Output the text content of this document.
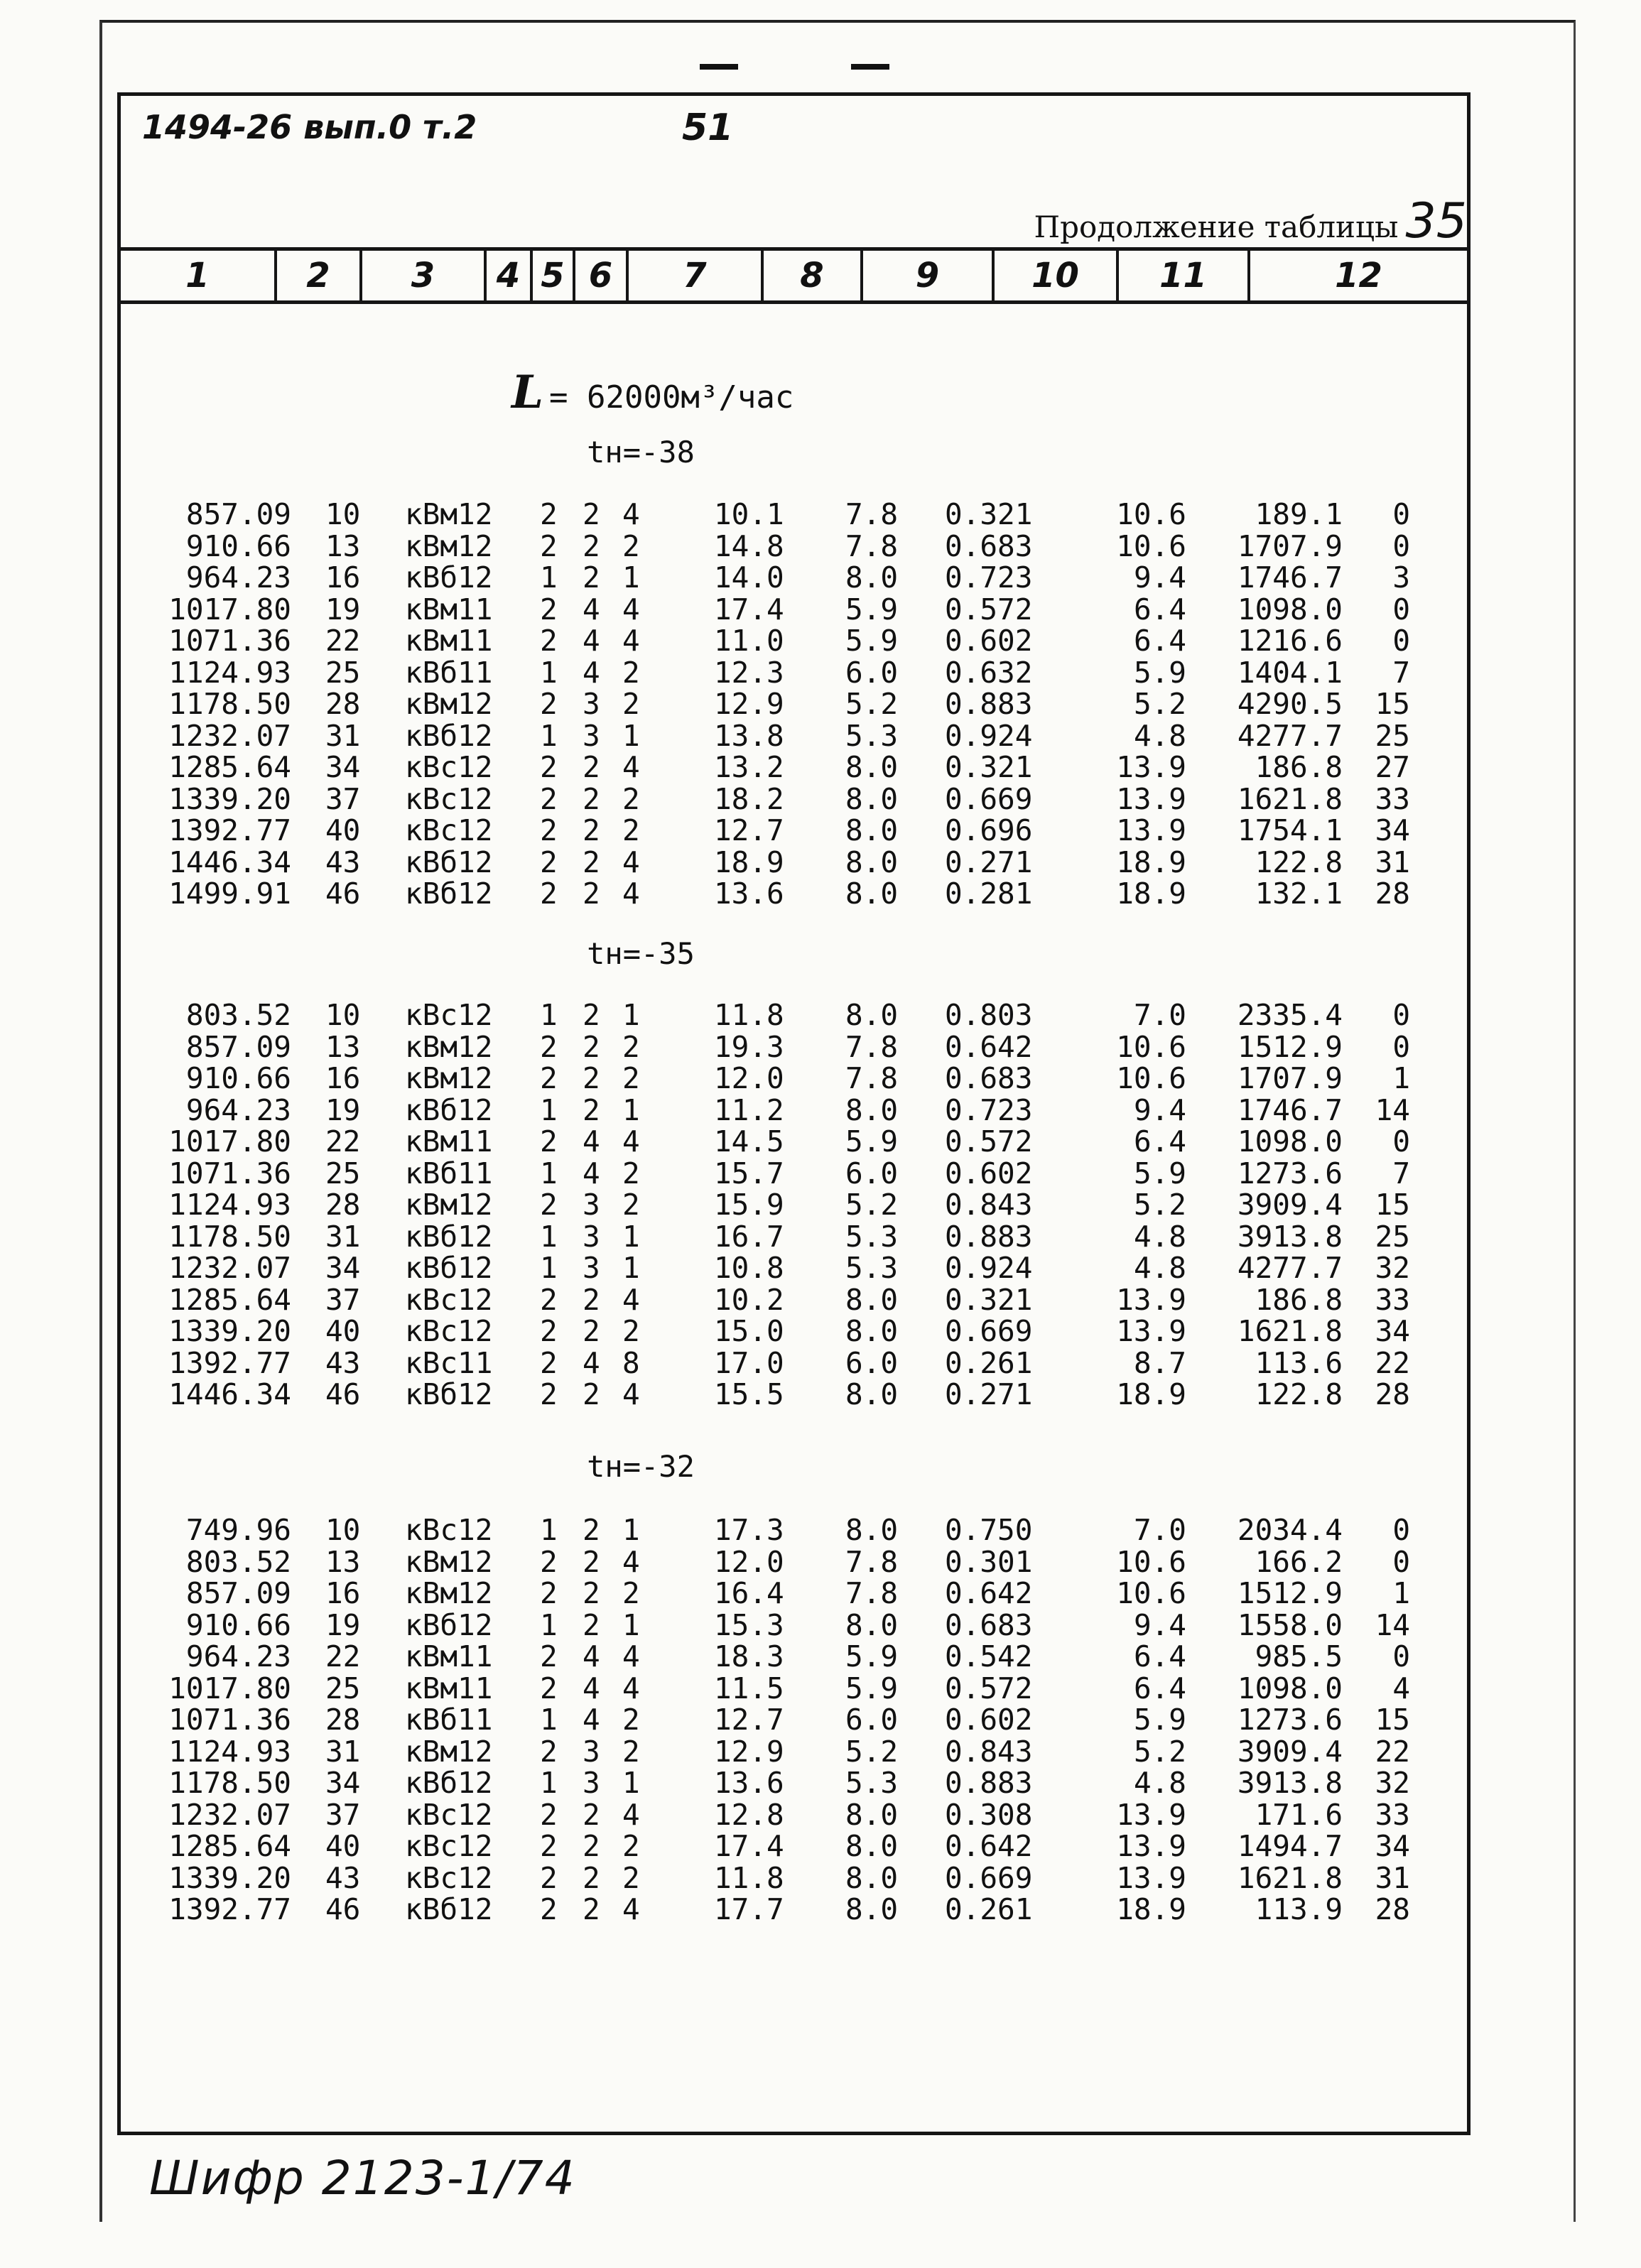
1494-26 вып.0 т.2	51
Продолжение таблицы 35
1	2	3	4 5 6	7	8	9	10	11	12
L = 62000м³/час
tн=-38
857.09 10 кВм12 2 2 4	10.1 7.8 0.321	10.6	189.1	0
910.66 13 кВм12 2 2 2	14.8 7.8 0.683	10.6	1707.9	0
964.23 16 кВб12 1 2 1	14.0 8.0 0.723	9.4	1746.7	3
1017.80 19 кВм11 2 4 4	17.4 5.9 0.572	6.4	1098.0	0
1071.36 22 кВм11 2 4 4	11.0 5.9 0.602	6.4	1216.6	0
1124.93 25 кВб11 1 4 2	12.3 6.0 0.632	5.9	1404.1	7
1178.50 28 кВм12 2 3 2	12.9 5.2 0.883	5.2	4290.5	15
1232.07 31 кВб12 1 3 1	13.8 5.3 0.924	4.8	4277.7	25
1285.64 34 кВс12 2 2 4	13.2 8.0 0.321	13.9	186.8	27
1339.20 37 кВс12 2 2 2	18.2 8.0 0.669	13.9	1621.8	33
1392.77 40 кВс12 2 2 2	12.7 8.0 0.696	13.9	1754.1	34
1446.34 43 кВб12 2 2 4	18.9 8.0 0.271	18.9	122.8	31
1499.91 46 кВб12 2 2 4	13.6 8.0 0.281	18.9	132.1	28
tн=-35
803.52 10 кВс12 1 2 1	11.8 8.0 0.803	7.0	2335.4	0
857.09 13 кВм12 2 2 2	19.3 7.8 0.642	10.6	1512.9	0
910.66 16 кВм12 2 2 2	12.0 7.8 0.683	10.6	1707.9	1
964.23 19 кВб12 1 2 1	11.2 8.0 0.723	9.4	1746.7	14
1017.80 22 кВм11 2 4 4	14.5 5.9 0.572	6.4	1098.0	0
1071.36 25 кВб11 1 4 2	15.7 6.0 0.602	5.9	1273.6	7
1124.93 28 кВм12 2 3 2	15.9 5.2 0.843	5.2	3909.4	15
1178.50 31 кВб12 1 3 1	16.7 5.3 0.883	4.8	3913.8	25
1232.07 34 кВб12 1 3 1	10.8 5.3 0.924	4.8	4277.7	32
1285.64 37 кВс12 2 2 4	10.2 8.0 0.321	13.9	186.8	33
1339.20 40 кВс12 2 2 2	15.0 8.0 0.669	13.9	1621.8	34
1392.77 43 кВс11 2 4 8	17.0 6.0 0.261	8.7	113.6	22
1446.34 46 кВб12 2 2 4	15.5 8.0 0.271	18.9	122.8	28
tн=-32
749.96 10 кВс12 1 2 1	17.3 8.0 0.750	7.0	2034.4	0
803.52 13 кВм12 2 2 4	12.0 7.8 0.301	10.6	166.2	0
857.09 16 кВм12 2 2 2	16.4 7.8 0.642	10.6	1512.9	1
910.66 19 кВб12 1 2 1	15.3 8.0 0.683	9.4	1558.0	14
964.23 22 кВм11 2 4 4	18.3 5.9 0.542	6.4	985.5	0
1017.80 25 кВм11 2 4 4	11.5 5.9 0.572	6.4	1098.0	4
1071.36 28 кВб11 1 4 2	12.7 6.0 0.602	5.9	1273.6	15
1124.93 31 кВм12 2 3 2	12.9 5.2 0.843	5.2	3909.4	22
1178.50 34 кВб12 1 3 1	13.6 5.3 0.883	4.8	3913.8	32
1232.07 37 кВс12 2 2 4	12.8 8.0 0.308	13.9	171.6	33
1285.64 40 кВс12 2 2 2	17.4 8.0 0.642	13.9	1494.7	34
1339.20 43 кВс12 2 2 2	11.8 8.0 0.669	13.9	1621.8	31
1392.77 46 кВб12 2 2 4	17.7 8.0 0.261	18.9	113.9	28
Шифр 2123-1/74
